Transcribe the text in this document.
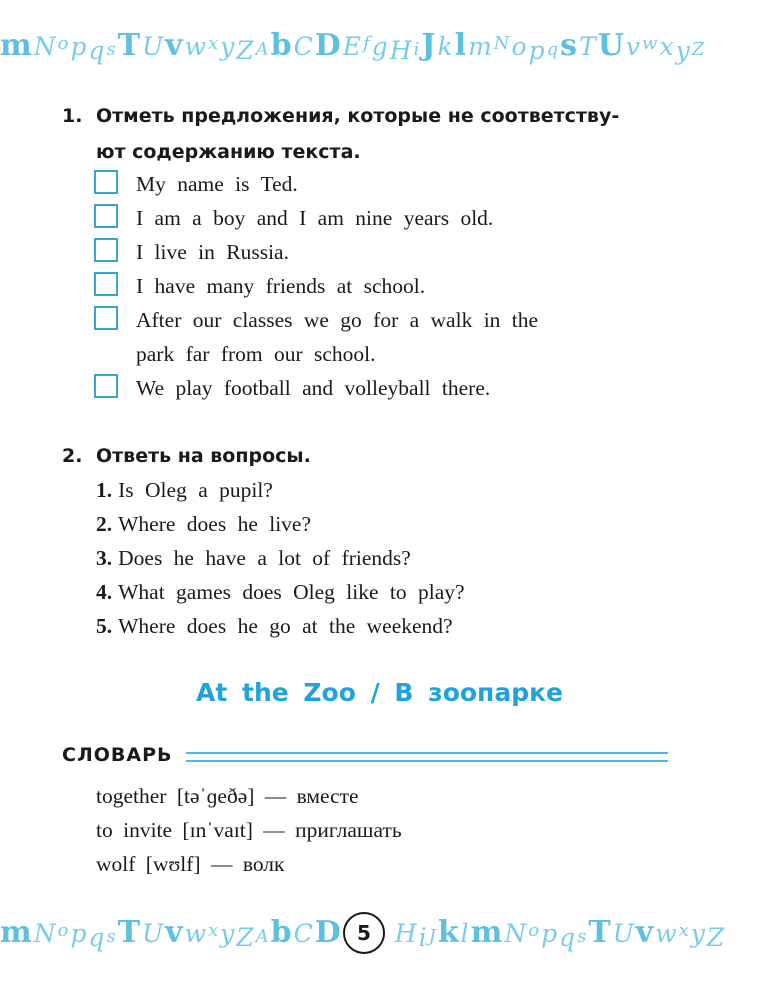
mNopqsTUvwxyZAbCDEfgHiJklmNopqsTUvwxyZ
1. Отметь предложения, которые не соответству-
ют содержанию текста.
My name is Ted.
I am a boy and I am nine years old.
I live in Russia.
I have many friends at school.
After our classes we go for a walk in the
park far from our school.
We play football and volleyball there.
2. Ответь на вопросы.
1. Is Oleg a pupil?
2. Where does he live?
3. Does he have a lot of friends?
4. What games does Oleg like to play?
5. Where does he go at the weekend?
At the Zoo / В зоопарке
СЛОВАРЬ
together [təˈɡeðə] — вместе
to invite [ɪnˈvaɪt] — приглашать
wolf [wʊlf] — волк
mNopqsTUvwxyZAbCD HiJklmNopqsTUvwxyZ
5
